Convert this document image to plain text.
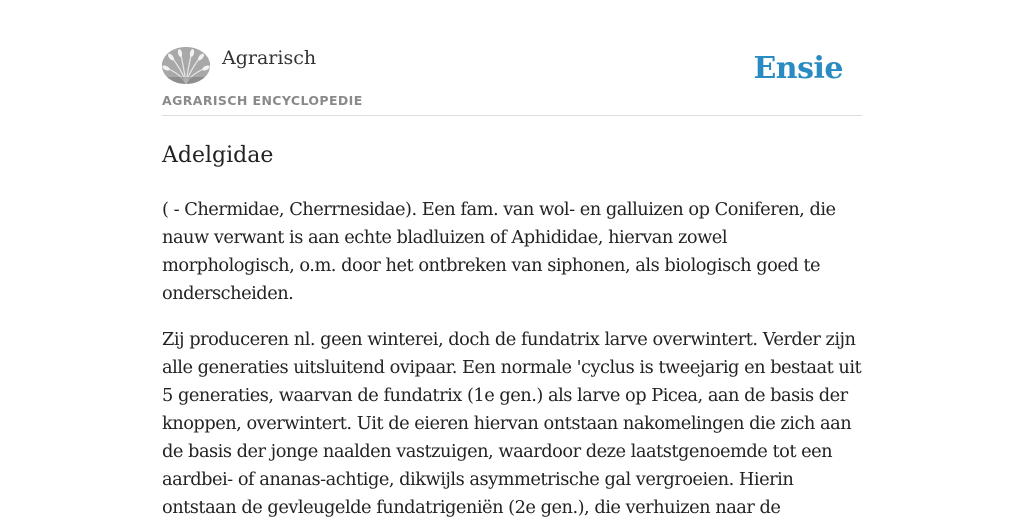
Agrarisch
AGRARISCH ENCYCLOPEDIE
Ensie
Adelgidae

( - Chermidae, Cherrnesidae). Een fam. van wol- en galluizen op Coniferen, die nauw verwant is aan echte bladluizen of Aphididae, hiervan zowel morphologisch, o.m. door het ontbreken van siphonen, als biologisch goed te onderscheiden.

Zij produceren nl. geen winterei, doch de fundatrix larve overwintert. Verder zijn alle generaties uitsluitend ovipaar. Een normale 'cyclus is tweejarig en bestaat uit 5 generaties, waarvan de fundatrix (1e gen.) als larve op Picea, aan de basis der knoppen, overwintert. Uit de eieren hiervan ontstaan nakomelingen die zich aan de basis der jonge naalden vastzuigen, waardoor deze laatstgenoemde tot een aardbei- of ananas-achtige, dikwijls asymmetrische gal vergroeien. Hierin ontstaan de gevleugelde fundatrigeniën (2e gen.), die verhuizen naar de
